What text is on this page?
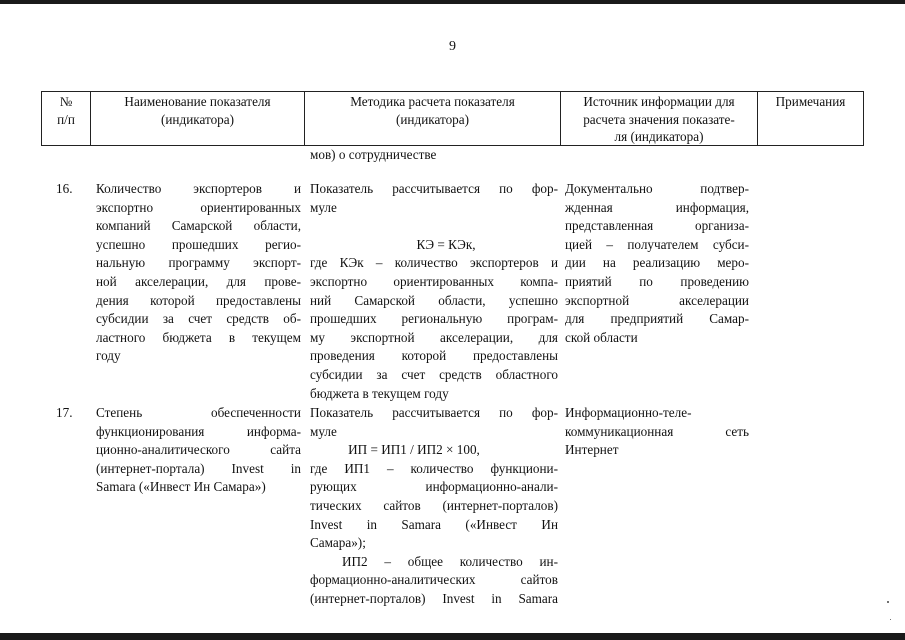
9
№
п/п
Наименование показателя
(индикатора)
Методика расчета показателя
(индикатора)
Источник информации для
расчета значения показате-
ля (индикатора)
Примечания
мов) о сотрудничестве
16.	Количество экспортеров и
экспортно ориентированных
компаний Самарской области,
успешно прошедших регио-
нальную программу экспорт-
ной акселерации, для прове-
дения которой предоставлены
субсидии за счет средств об-
ластного бюджета в текущем
году
Показатель рассчитывается по фор-
муле
КЭ = КЭк,
где КЭк – количество экспортеров и
экспортно ориентированных компа-
ний Самарской области, успешно
прошедших региональную програм-
му экспортной акселерации, для
проведения которой предоставлены
субсидии за счет средств областного
бюджета в текущем году
Документально подтвер-
жденная информация,
представленная организа-
цией – получателем субси-
дии на реализацию меро-
приятий по проведению
экспортной акселерации
для предприятий Самар-
ской области
17.	Степень обеспеченности
функционирования информа-
ционно-аналитического сайта
(интернет-портала) Invest in
Samara («Инвест Ин Самара»)
Показатель рассчитывается по фор-
муле
ИП = ИП1 / ИП2 × 100,
где ИП1 – количество функциони-
рующих информационно-анали-
тических сайтов (интернет-порталов)
Invest in Samara («Инвест Ин
Самара»);
ИП2 – общее количество ин-
формационно-аналитических сайтов
(интернет-порталов) Invest in Samara
Информационно-теле-
коммуникационная сеть
Интернет
